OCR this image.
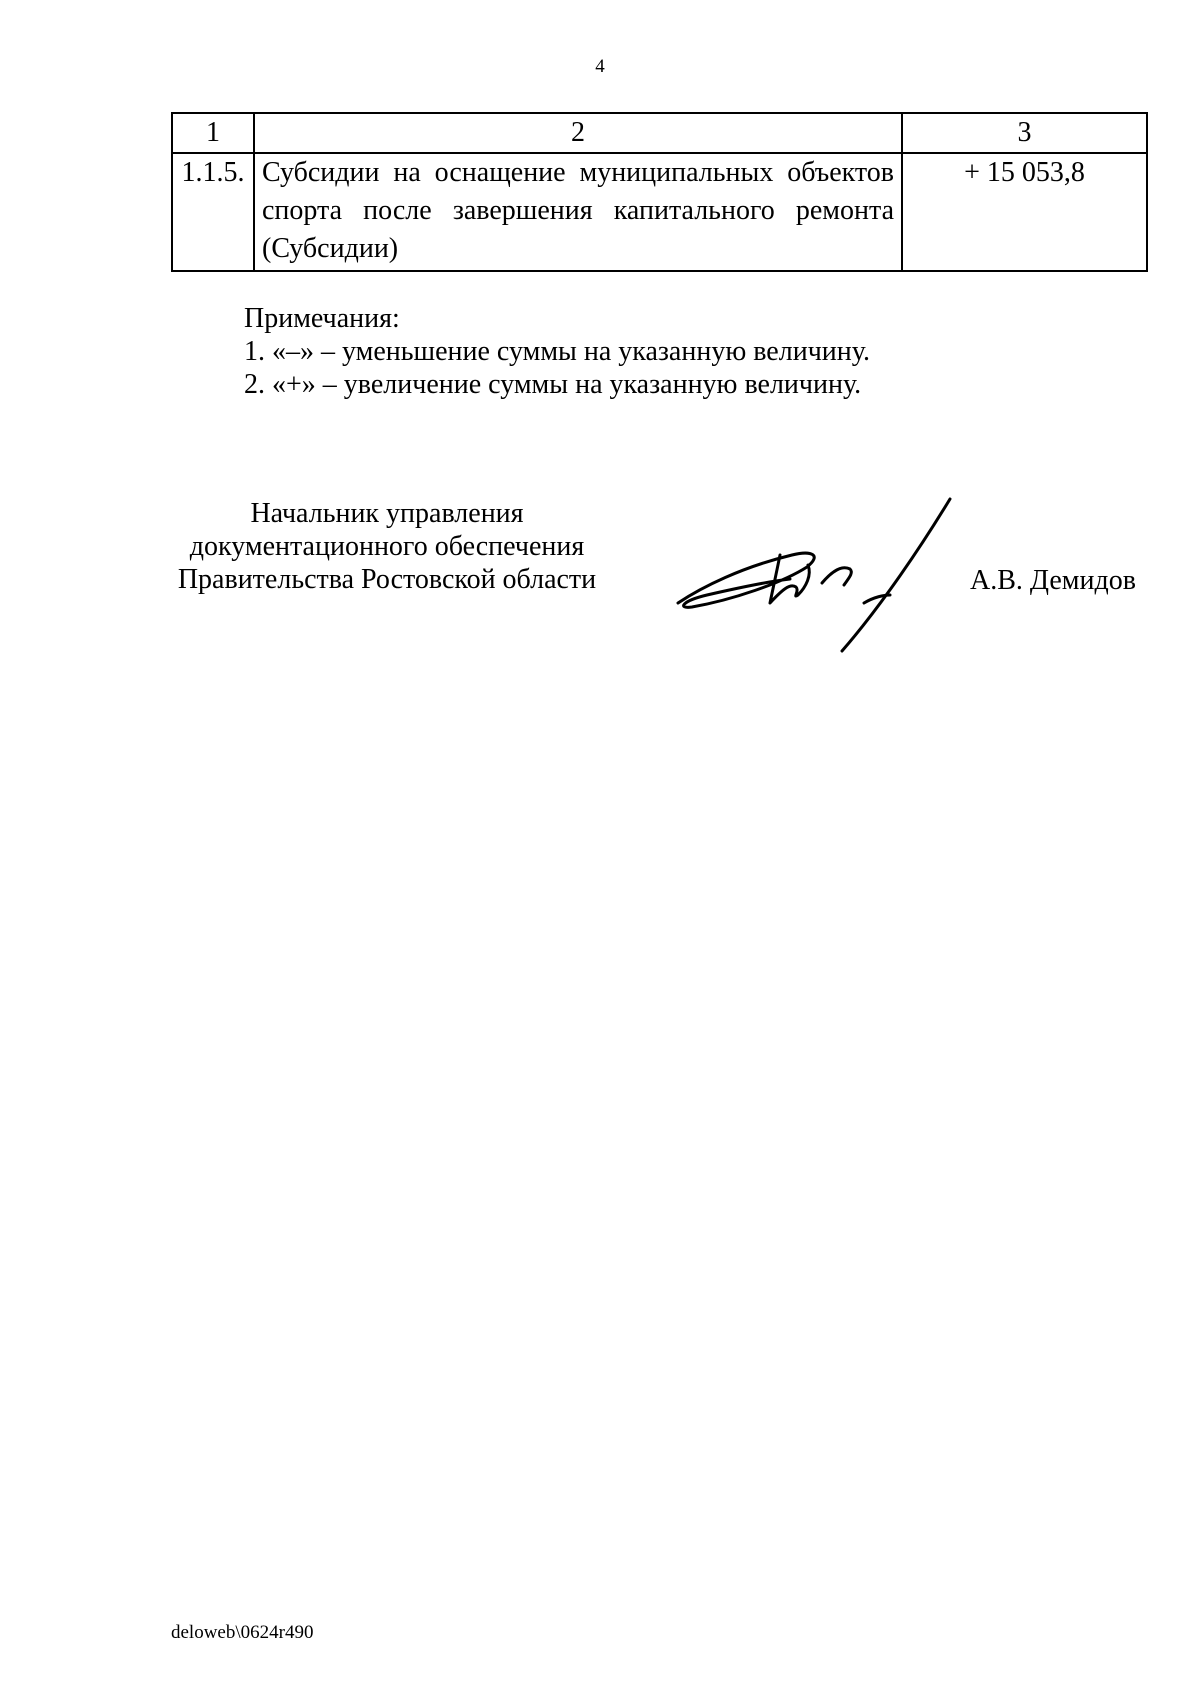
4
1	2	3
1.1.5.	Субсидии на оснащение муниципальных объектов спорта после завершения капитального ремонта (Субсидии)	+ 15 053,8
Примечания:
1. «–» – уменьшение суммы на указанную величину.
2. «+» – увеличение суммы на указанную величину.
Начальник управления
документационного обеспечения
Правительства Ростовской области	А.В. Демидов
deloweb\0624r490
